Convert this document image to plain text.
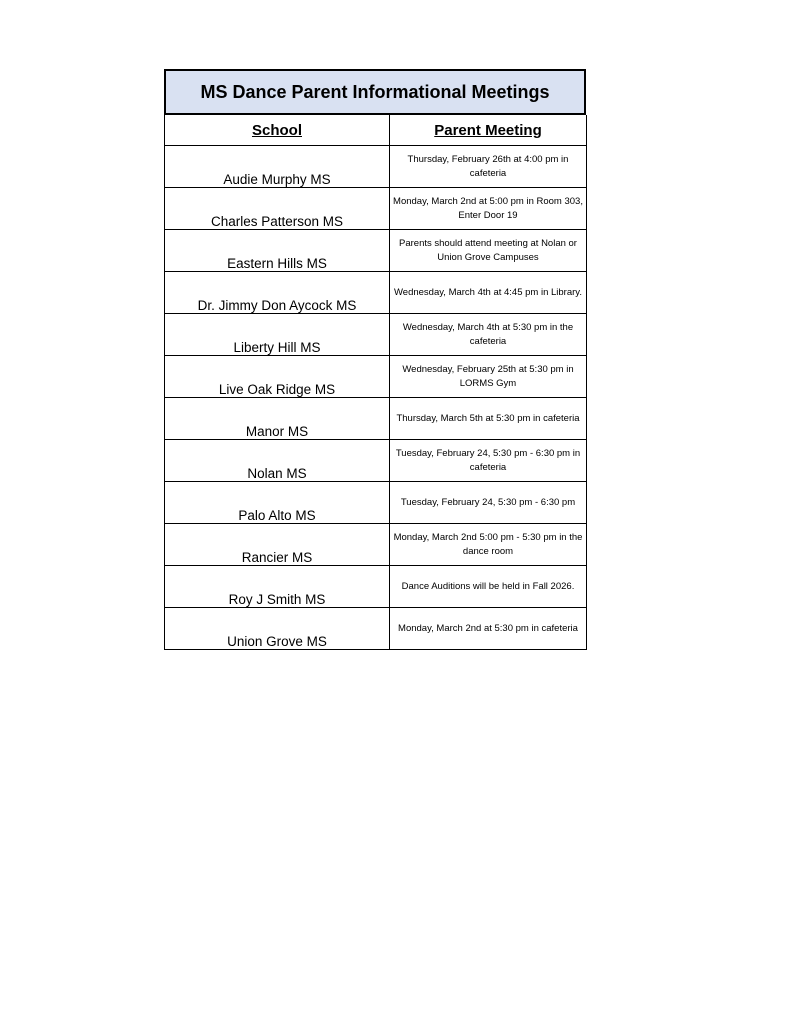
MS Dance Parent Informational Meetings
School	Parent Meeting
Audie Murphy MS	Thursday, February 26th at 4:00 pm in cafeteria
Charles Patterson MS	Monday, March 2nd at 5:00 pm in Room 303, Enter Door 19
Eastern Hills MS	Parents should attend meeting at Nolan or Union Grove Campuses
Dr. Jimmy Don Aycock MS	Wednesday, March 4th at 4:45 pm in Library.
Liberty Hill MS	Wednesday, March 4th at 5:30 pm in the cafeteria
Live Oak Ridge MS	Wednesday, February 25th at 5:30 pm in LORMS Gym
Manor MS	Thursday, March 5th at 5:30 pm in cafeteria
Nolan MS	Tuesday, February 24, 5:30 pm - 6:30 pm in cafeteria
Palo Alto MS	Tuesday, February 24, 5:30 pm - 6:30 pm
Rancier MS	Monday, March 2nd 5:00 pm - 5:30 pm in the dance room
Roy J Smith MS	Dance Auditions will be held in Fall 2026.
Union Grove MS	Monday, March 2nd at 5:30 pm in cafeteria
